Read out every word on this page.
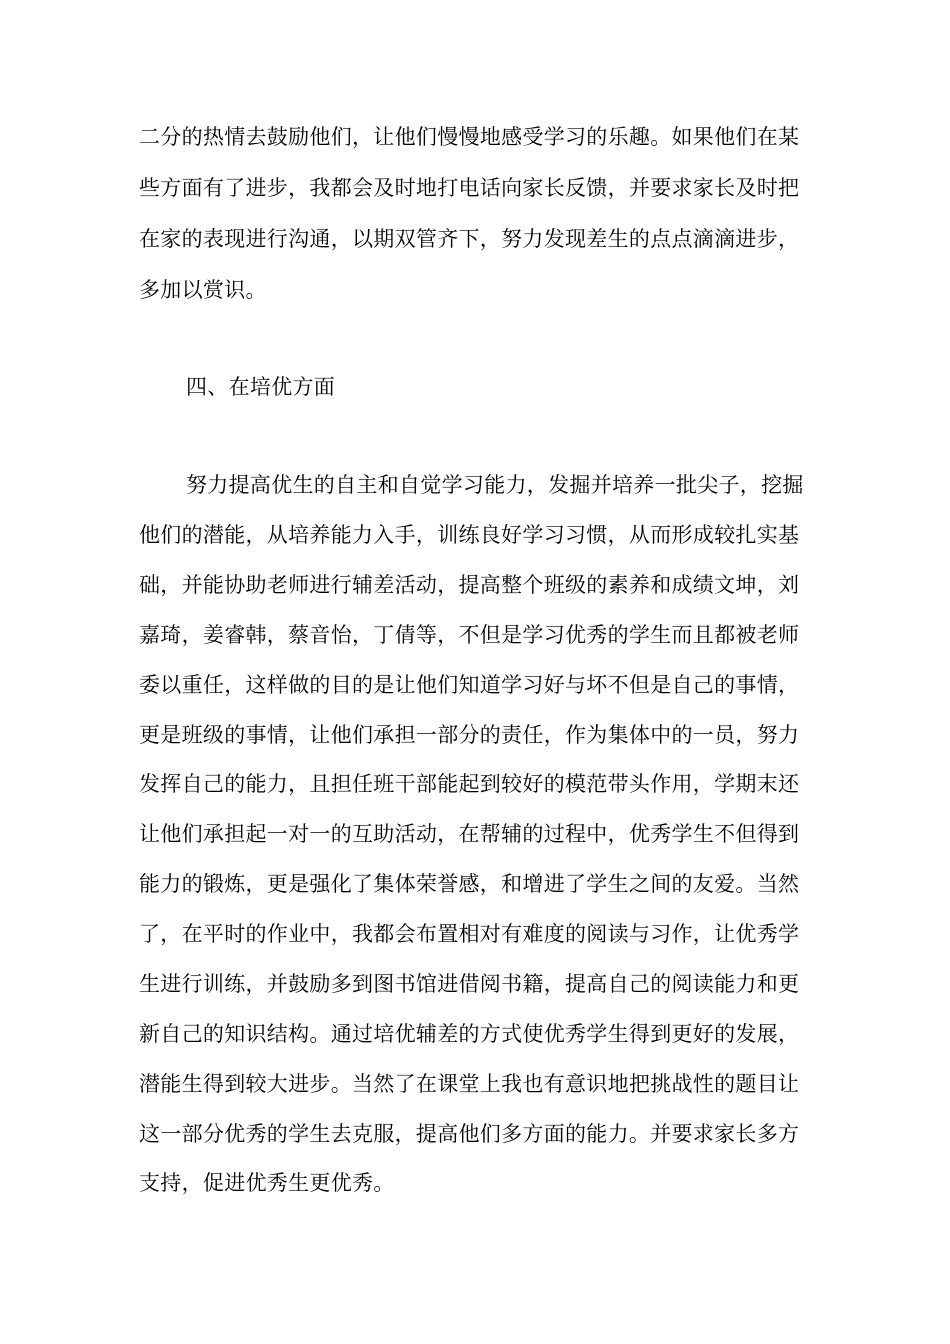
二分的热情去鼓励他们，让他们慢慢地感受学习的乐趣。如果他们在某
些方面有了进步，我都会及时地打电话向家长反馈，并要求家长及时把
在家的表现进行沟通，以期双管齐下，努力发现差生的点点滴滴进步，
多加以赏识。
四、在培优方面
努力提高优生的自主和自觉学习能力，发掘并培养一批尖子，挖掘
他们的潜能，从培养能力入手，训练良好学习习惯，从而形成较扎实基
础，并能协助老师进行辅差活动，提高整个班级的素养和成绩文坤，刘
嘉琦，姜睿韩，蔡音怡，丁倩等，不但是学习优秀的学生而且都被老师
委以重任，这样做的目的是让他们知道学习好与坏不但是自己的事情，
更是班级的事情，让他们承担一部分的责任，作为集体中的一员，努力
发挥自己的能力，且担任班干部能起到较好的模范带头作用，学期末还
让他们承担起一对一的互助活动，在帮辅的过程中，优秀学生不但得到
能力的锻炼，更是强化了集体荣誉感，和增进了学生之间的友爱。当然
了，在平时的作业中，我都会布置相对有难度的阅读与习作，让优秀学
生进行训练，并鼓励多到图书馆进借阅书籍，提高自己的阅读能力和更
新自己的知识结构。通过培优辅差的方式使优秀学生得到更好的发展，
潜能生得到较大进步。当然了在课堂上我也有意识地把挑战性的题目让
这一部分优秀的学生去克服，提高他们多方面的能力。并要求家长多方
支持，促进优秀生更优秀。
